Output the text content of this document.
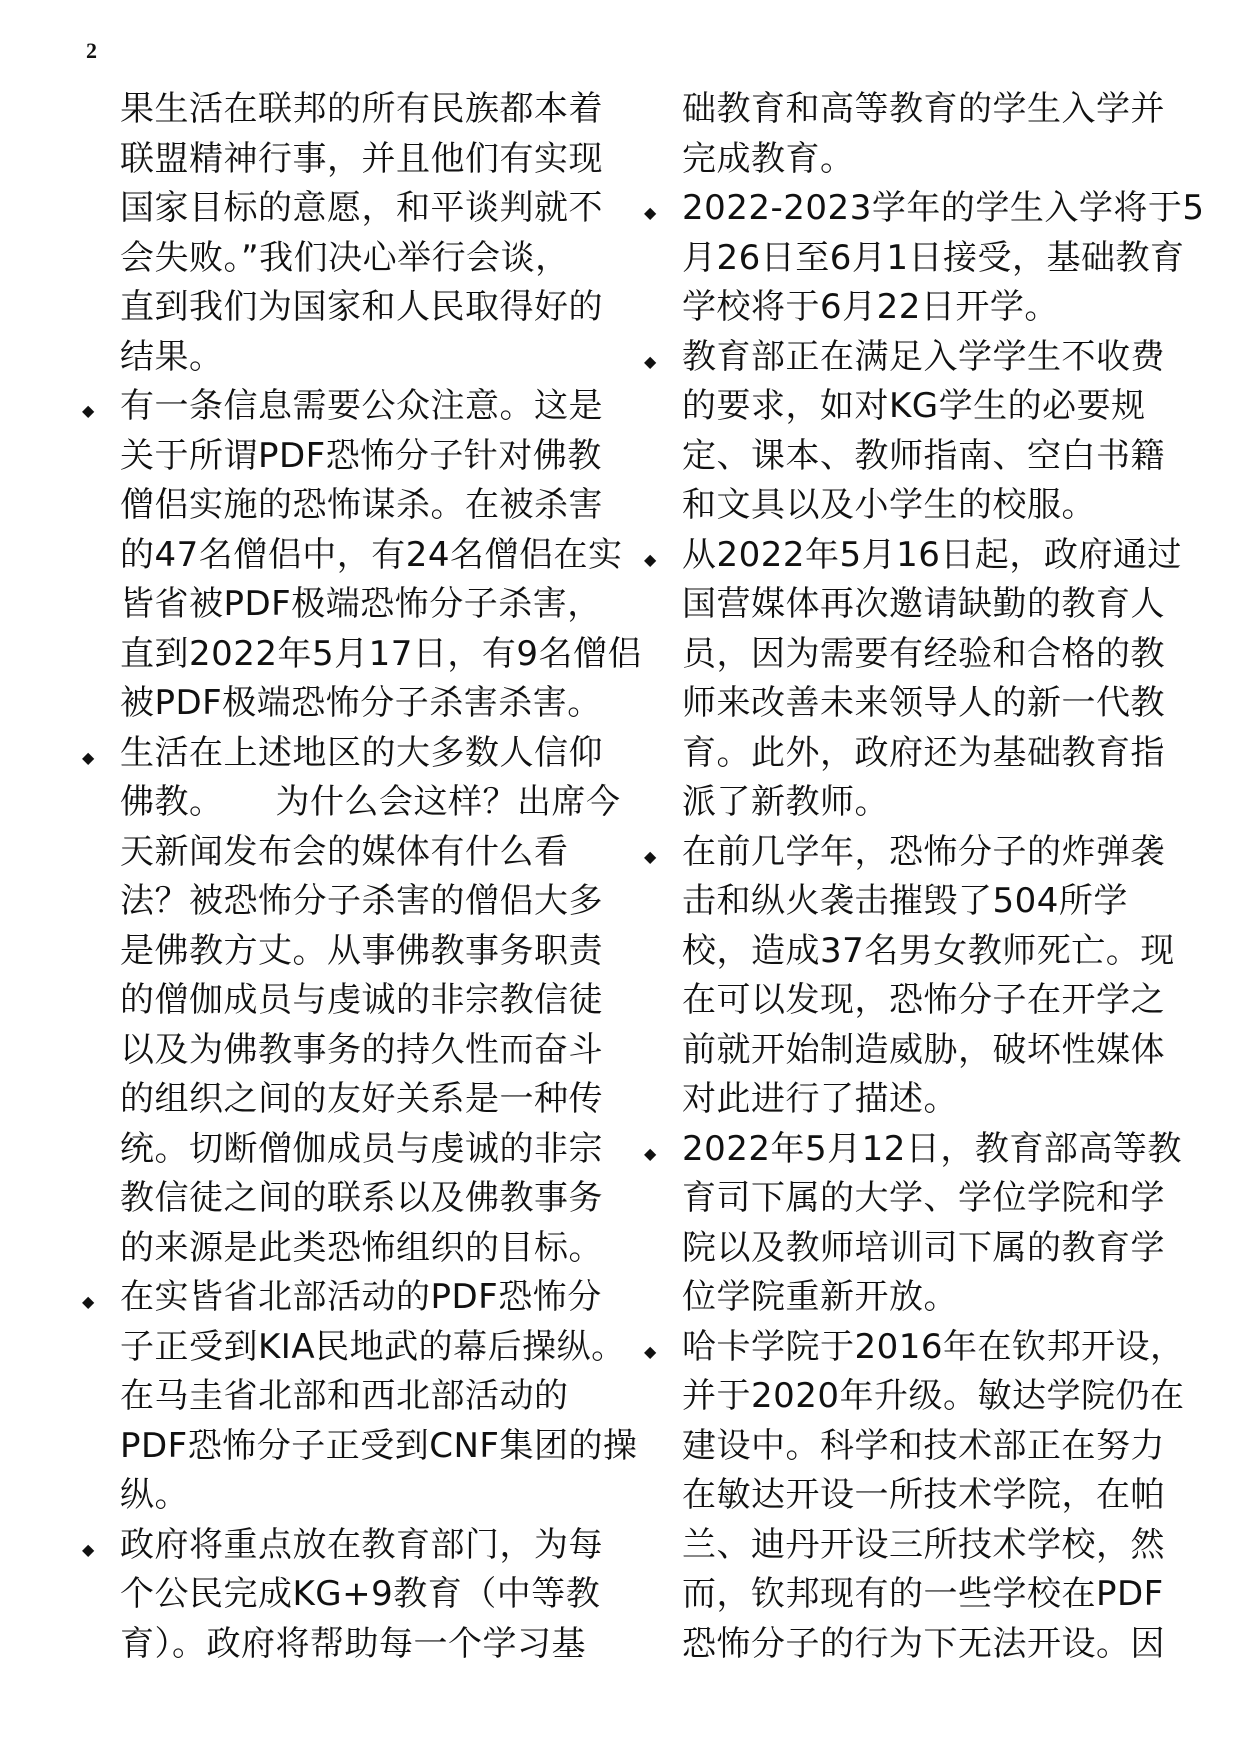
2
果生活在联邦的所有民族都本着
联盟精神行事，并且他们有实现
国家目标的意愿，和平谈判就不
会失败。”我们决心举行会谈，
直到我们为国家和人民取得好的
结果。
◆ 有一条信息需要公众注意。这是
关于所谓PDF恐怖分子针对佛教
僧侣实施的恐怖谋杀。在被杀害
的47名僧侣中，有24名僧侣在实
皆省被PDF极端恐怖分子杀害，
直到2022年5月17日，有9名僧侣
被PDF极端恐怖分子杀害杀害。
◆ 生活在上述地区的大多数人信仰
佛教。　　为什么会这样？出席今
天新闻发布会的媒体有什么看
法？被恐怖分子杀害的僧侣大多
是佛教方丈。从事佛教事务职责
的僧伽成员与虔诚的非宗教信徒
以及为佛教事务的持久性而奋斗
的组织之间的友好关系是一种传
统。切断僧伽成员与虔诚的非宗
教信徒之间的联系以及佛教事务
的来源是此类恐怖组织的目标。
◆ 在实皆省北部活动的PDF恐怖分
子正受到KIA民地武的幕后操纵。
在马圭省北部和西北部活动的
PDF恐怖分子正受到CNF集团的操
纵。
◆ 政府将重点放在教育部门，为每
个公民完成KG+9教育（中等教
育）。政府将帮助每一个学习基
础教育和高等教育的学生入学并
完成教育。
◆ 2022-2023学年的学生入学将于5
月26日至6月1日接受，基础教育
学校将于6月22日开学。
◆ 教育部正在满足入学学生不收费
的要求，如对KG学生的必要规
定、课本、教师指南、空白书籍
和文具以及小学生的校服。
◆ 从2022年5月16日起，政府通过
国营媒体再次邀请缺勤的教育人
员，因为需要有经验和合格的教
师来改善未来领导人的新一代教
育。此外，政府还为基础教育指
派了新教师。
◆ 在前几学年，恐怖分子的炸弹袭
击和纵火袭击摧毁了504所学
校，造成37名男女教师死亡。现
在可以发现，恐怖分子在开学之
前就开始制造威胁，破坏性媒体
对此进行了描述。
◆ 2022年5月12日，教育部高等教
育司下属的大学、学位学院和学
院以及教师培训司下属的教育学
位学院重新开放。
◆ 哈卡学院于2016年在钦邦开设，
并于2020年升级。敏达学院仍在
建设中。科学和技术部正在努力
在敏达开设一所技术学院，在帕
兰、迪丹开设三所技术学校，然
而，钦邦现有的一些学校在PDF
恐怖分子的行为下无法开设。因
